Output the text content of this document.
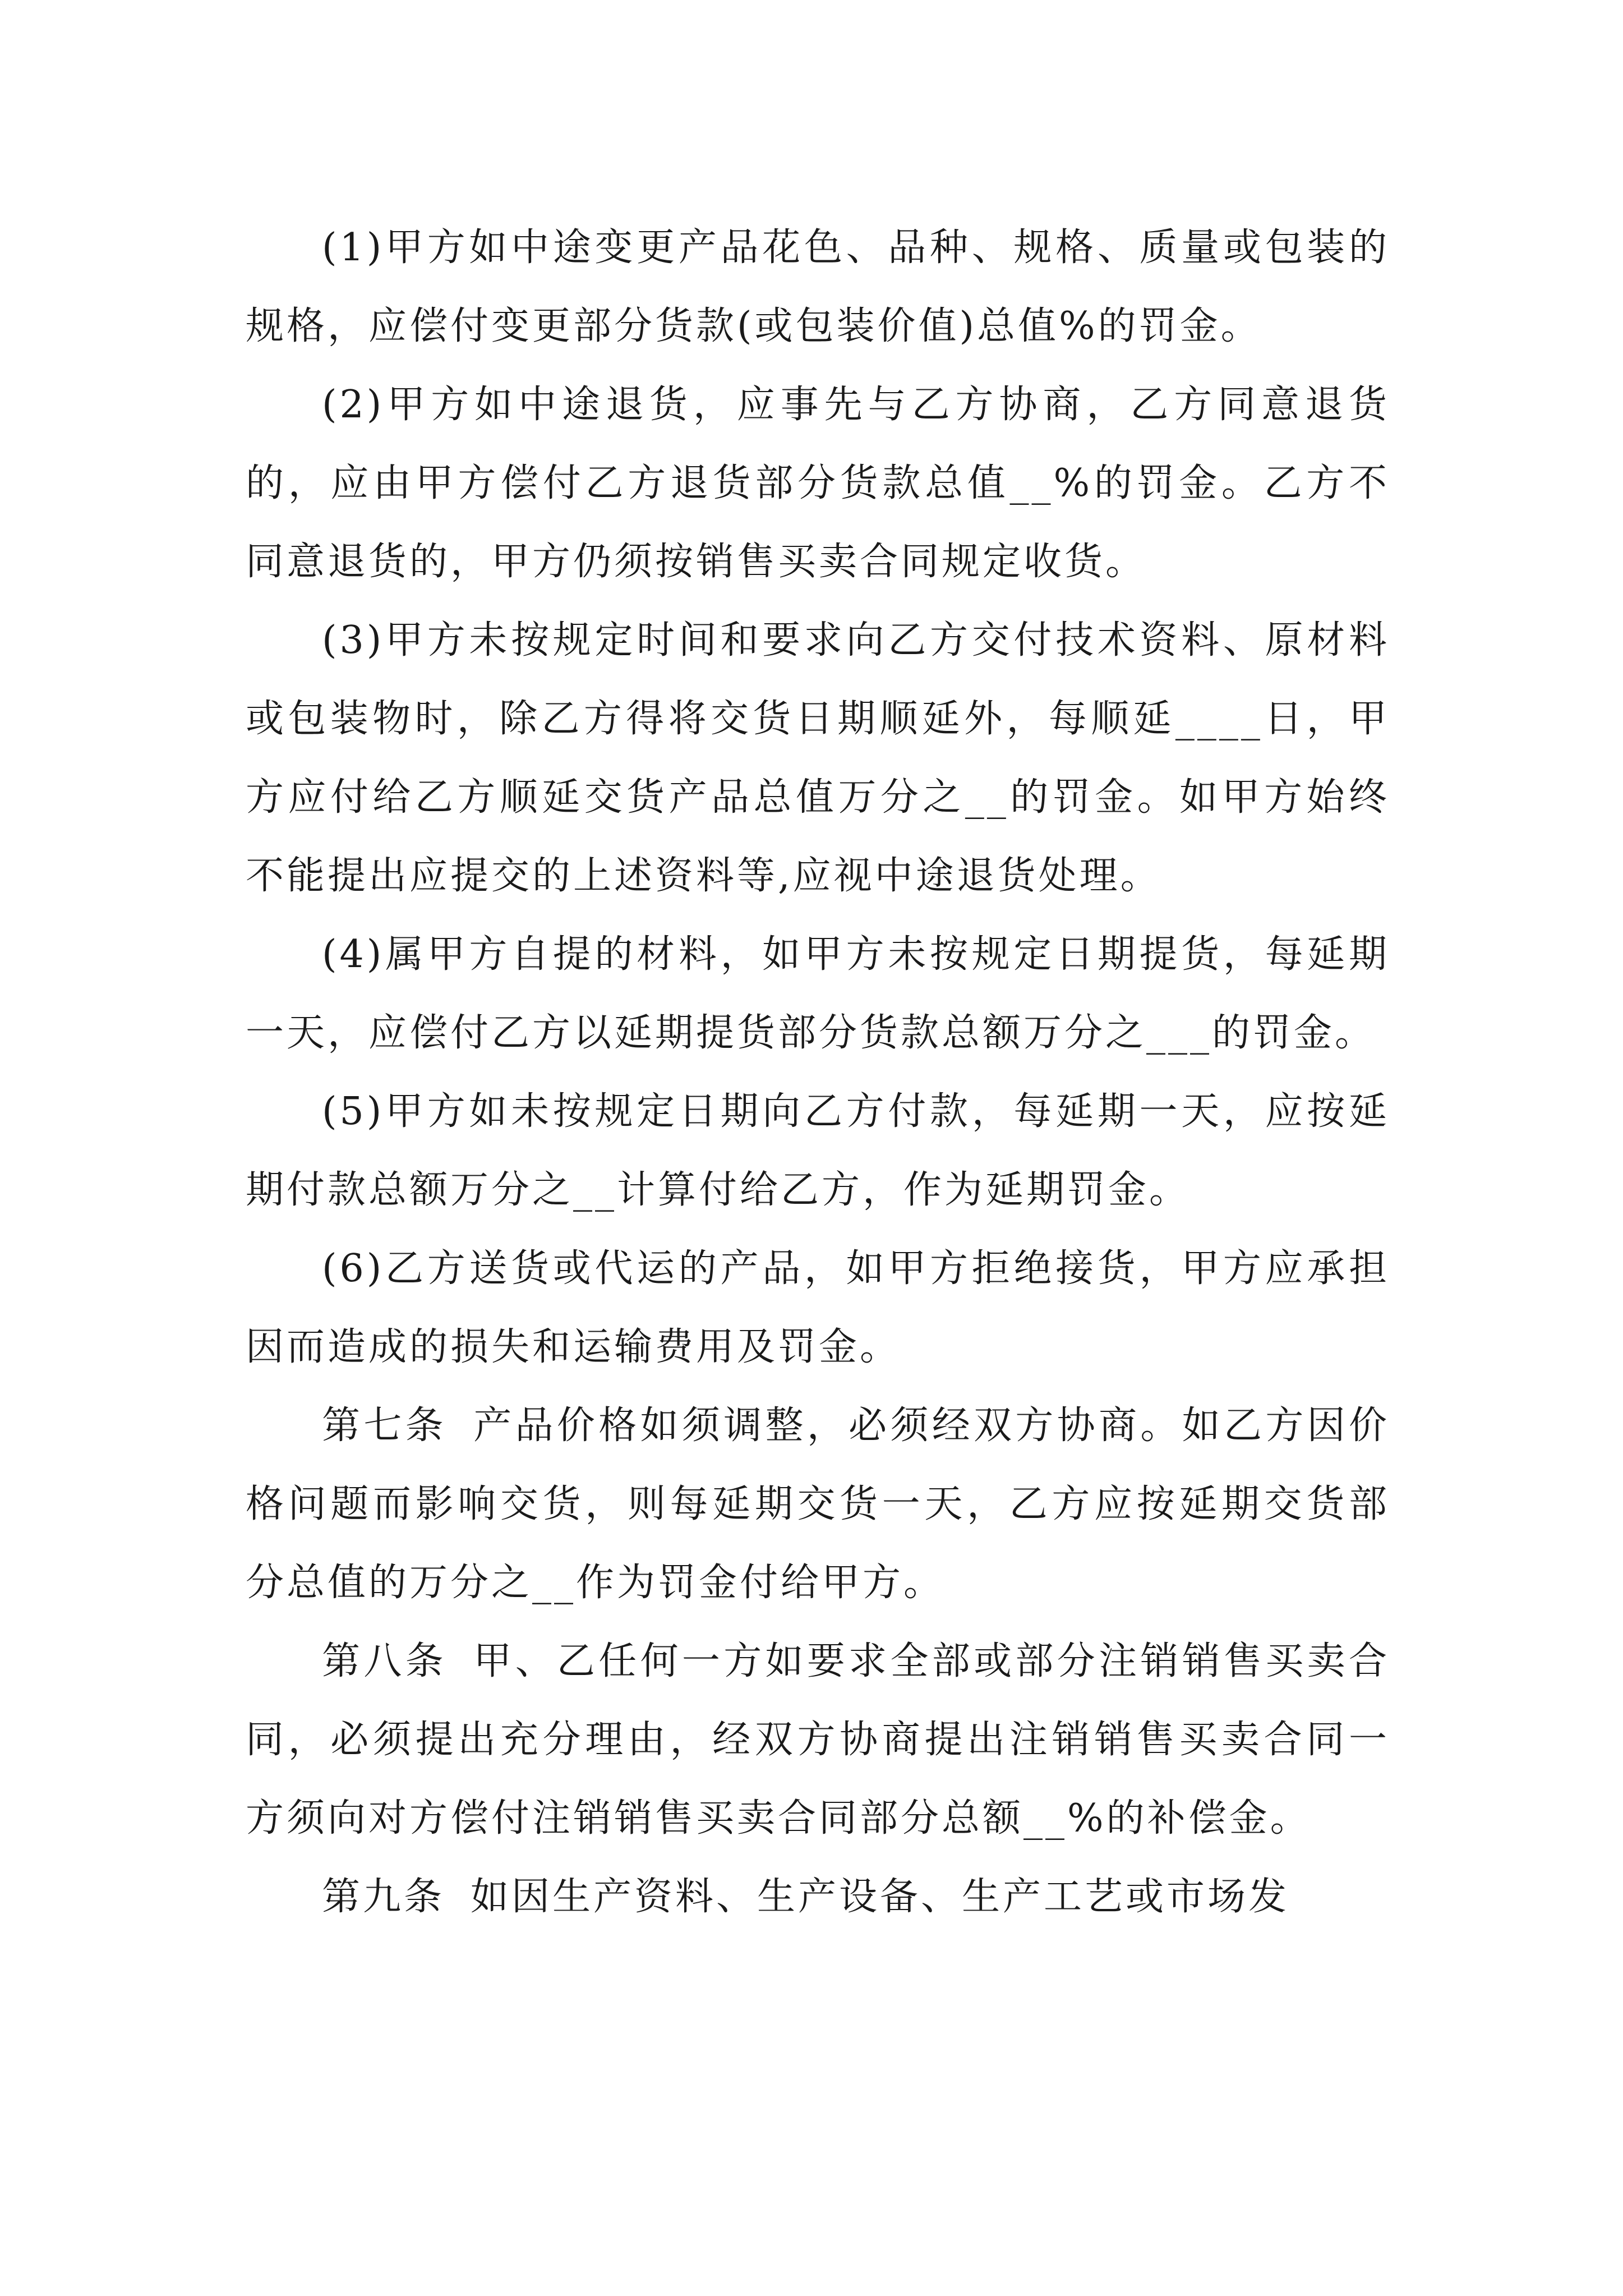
(1)甲方如中途变更产品花色、品种、规格、质量或包装的规格，应偿付变更部分货款(或包装价值)总值%的罚金。

(2)甲方如中途退货，应事先与乙方协商，乙方同意退货的，应由甲方偿付乙方退货部分货款总值__%的罚金。乙方不同意退货的，甲方仍须按销售买卖合同规定收货。

(3)甲方未按规定时间和要求向乙方交付技术资料、原材料或包装物时，除乙方得将交货日期顺延外，每顺延____日，甲方应付给乙方顺延交货产品总值万分之__的罚金。如甲方始终不能提出应提交的上述资料等,应视中途退货处理。

(4)属甲方自提的材料，如甲方未按规定日期提货，每延期一天，应偿付乙方以延期提货部分货款总额万分之___的罚金。

(5)甲方如未按规定日期向乙方付款，每延期一天，应按延期付款总额万分之__计算付给乙方，作为延期罚金。

(6)乙方送货或代运的产品，如甲方拒绝接货，甲方应承担因而造成的损失和运输费用及罚金。

第七条 产品价格如须调整，必须经双方协商。如乙方因价格问题而影响交货，则每延期交货一天，乙方应按延期交货部分总值的万分之__作为罚金付给甲方。

第八条 甲、乙任何一方如要求全部或部分注销销售买卖合同，必须提出充分理由，经双方协商提出注销销售买卖合同一方须向对方偿付注销销售买卖合同部分总额__%的补偿金。

第九条 如因生产资料、生产设备、生产工艺或市场发
